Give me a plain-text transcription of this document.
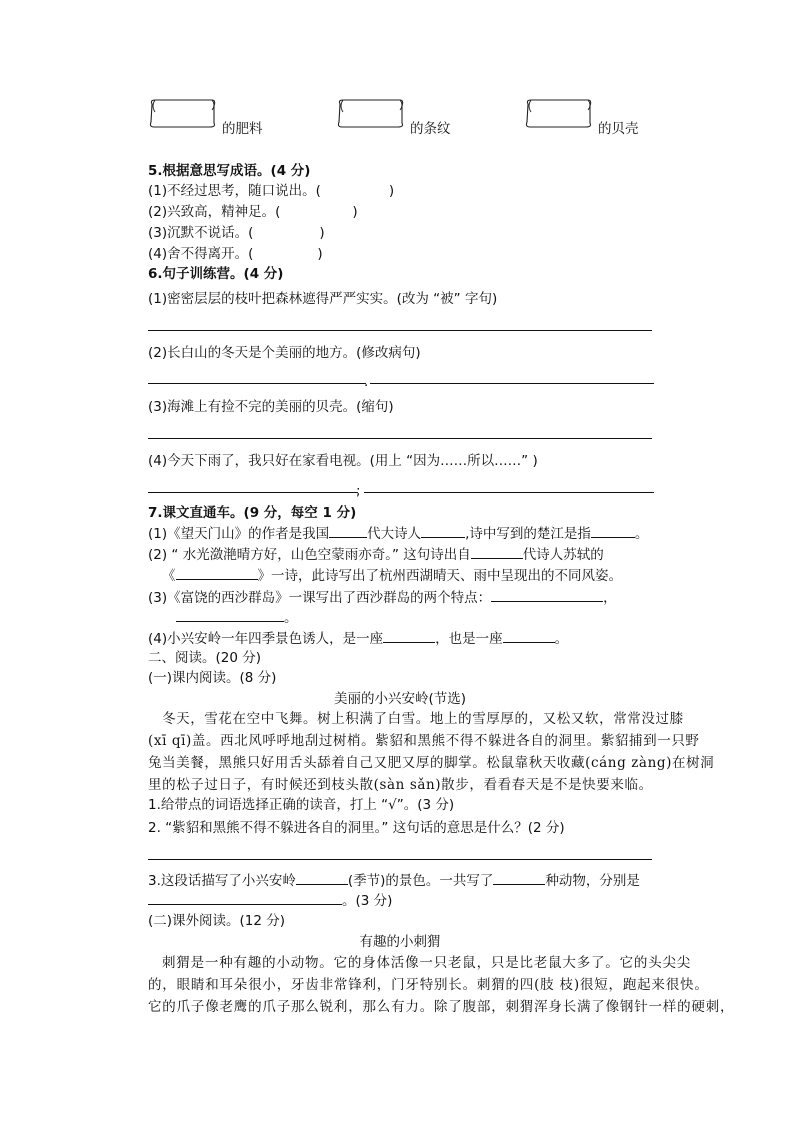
的肥料	的条纹	的贝壳
5.根据意思写成语。(4 分)
(1)不经过思考，随口说出。(	)
(2)兴致高，精神足。(	)
(3)沉默不说话。(	)
(4)舍不得离开。(	)
6.句子训练营。(4 分)
(1)密密层层的枝叶把森林遮得严严实实。(改为 “被” 字句)
(2)长白山的冬天是个美丽的地方。(修改病句)
.
(3)海滩上有捡不完的美丽的贝壳。(缩句)
(4)今天下雨了，我只好在家看电视。(用上 “因为……所以……” )
;
7.课文直通车。(9 分，每空 1 分)
(1)《望天门山》的作者是我国	代大诗人	,诗中写到的楚江是指	。
(2) “ 水光潋滟晴方好，山色空蒙雨亦奇。” 这句诗出自	代诗人苏轼的
《	》一诗，此诗写出了杭州西湖晴天、雨中呈现出的不同风姿。
(3)《富饶的西沙群岛》一课写出了西沙群岛的两个特点：	，
。
(4)小兴安岭一年四季景色诱人，是一座	，也是一座	。
二、阅读。(20 分)
(一)课内阅读。(8 分)
美丽的小兴安岭(节选)
冬天，雪花在空中飞舞。树上积满了白雪。地上的雪厚厚的，又松又软，常常没过膝
(xī qī)盖。西北风呼呼地刮过树梢。紫貂和黑熊不得不躲进各自的洞里。紫貂捕到一只野
兔当美餐，黑熊只好用舌头舔着自己又肥又厚的脚掌。松鼠靠秋天收藏(cáng zàng)在树洞
里的松子过日子，有时候还到枝头散(sàn sǎn)散步，看看春天是不是快要来临。
1.给带点的词语选择正确的读音，打上 “√”。(3 分)
2. “紫貂和黑熊不得不躲进各自的洞里。” 这句话的意思是什么？(2 分)
3.这段话描写了小兴安岭	(季节)的景色。一共写了	种动物，分别是
。(3 分)
(二)课外阅读。(12 分)
有趣的小刺猬
刺猬是一种有趣的小动物。它的身体活像一只老鼠，只是比老鼠大多了。它的头尖尖
的，眼睛和耳朵很小，牙齿非常锋利，门牙特别长。刺猬的四(肢 枝)很短，跑起来很快。
它的爪子像老鹰的爪子那么锐利，那么有力。除了腹部，刺猬浑身长满了像钢针一样的硬刺，
